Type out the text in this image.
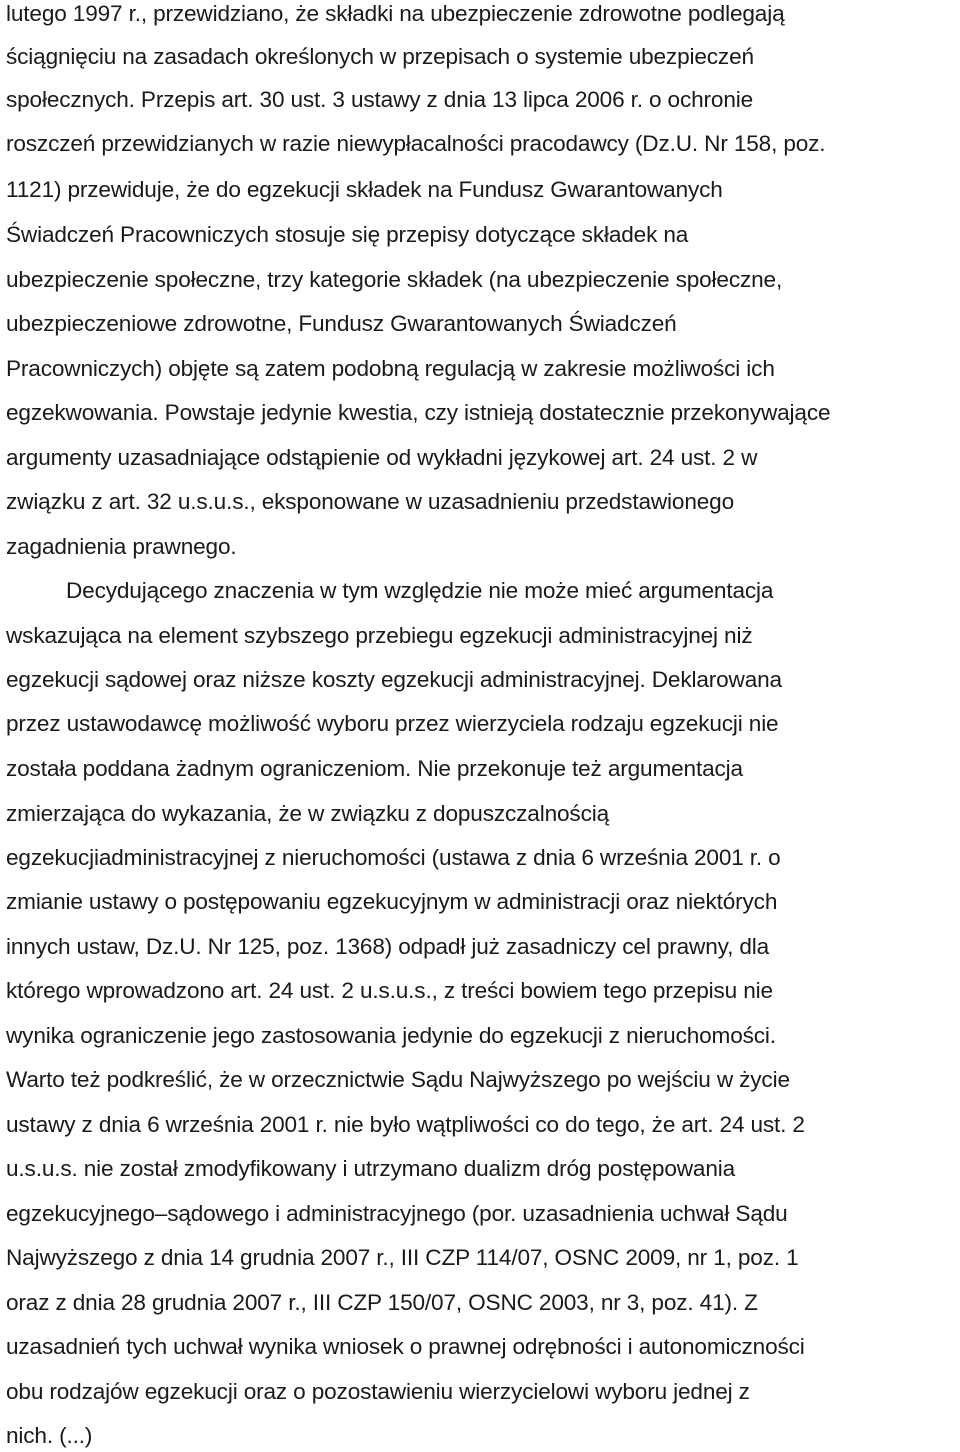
lutego 1997 r., przewidziano, że składki na ubezpieczenie zdrowotne podlegają
ściągnięciu na zasadach określonych w przepisach o systemie ubezpieczeń
społecznych. Przepis art. 30 ust. 3 ustawy z dnia 13 lipca 2006 r. o ochronie
roszczeń przewidzianych w razie niewypłacalności pracodawcy (Dz.U. Nr 158, poz.
1121) przewiduje, że do egzekucji składek na Fundusz Gwarantowanych
Świadczeń Pracowniczych stosuje się przepisy dotyczące składek na
ubezpieczenie społeczne, trzy kategorie składek (na ubezpieczenie społeczne,
ubezpieczeniowe zdrowotne, Fundusz Gwarantowanych Świadczeń
Pracowniczych) objęte są zatem podobną regulacją w zakresie możliwości ich
egzekwowania. Powstaje jedynie kwestia, czy istnieją dostatecznie przekonywające
argumenty uzasadniające odstąpienie od wykładni językowej art. 24 ust. 2 w
związku z art. 32 u.s.u.s., eksponowane w uzasadnieniu przedstawionego
zagadnienia prawnego.
Decydującego znaczenia w tym względzie nie może mieć argumentacja
wskazująca na element szybszego przebiegu egzekucji administracyjnej niż
egzekucji sądowej oraz niższe koszty egzekucji administracyjnej. Deklarowana
przez ustawodawcę możliwość wyboru przez wierzyciela rodzaju egzekucji nie
została poddana żadnym ograniczeniom. Nie przekonuje też argumentacja
zmierzająca do wykazania, że w związku z dopuszczalnością
egzekucjiadministracyjnej z nieruchomości (ustawa z dnia 6 września 2001 r. o
zmianie ustawy o postępowaniu egzekucyjnym w administracji oraz niektórych
innych ustaw, Dz.U. Nr 125, poz. 1368) odpadł już zasadniczy cel prawny, dla
którego wprowadzono art. 24 ust. 2 u.s.u.s., z treści bowiem tego przepisu nie
wynika ograniczenie jego zastosowania jedynie do egzekucji z nieruchomości.
Warto też podkreślić, że w orzecznictwie Sądu Najwyższego po wejściu w życie
ustawy z dnia 6 września 2001 r. nie było wątpliwości co do tego, że art. 24 ust. 2
u.s.u.s. nie został zmodyfikowany i utrzymano dualizm dróg postępowania
egzekucyjnego–sądowego i administracyjnego (por. uzasadnienia uchwał Sądu
Najwyższego z dnia 14 grudnia 2007 r., III CZP 114/07, OSNC 2009, nr 1, poz. 1
oraz z dnia 28 grudnia 2007 r., III CZP 150/07, OSNC 2003, nr 3, poz. 41). Z
uzasadnień tych uchwał wynika wniosek o prawnej odrębności i autonomiczności
obu rodzajów egzekucji oraz o pozostawieniu wierzycielowi wyboru jednej z
nich. (...)
